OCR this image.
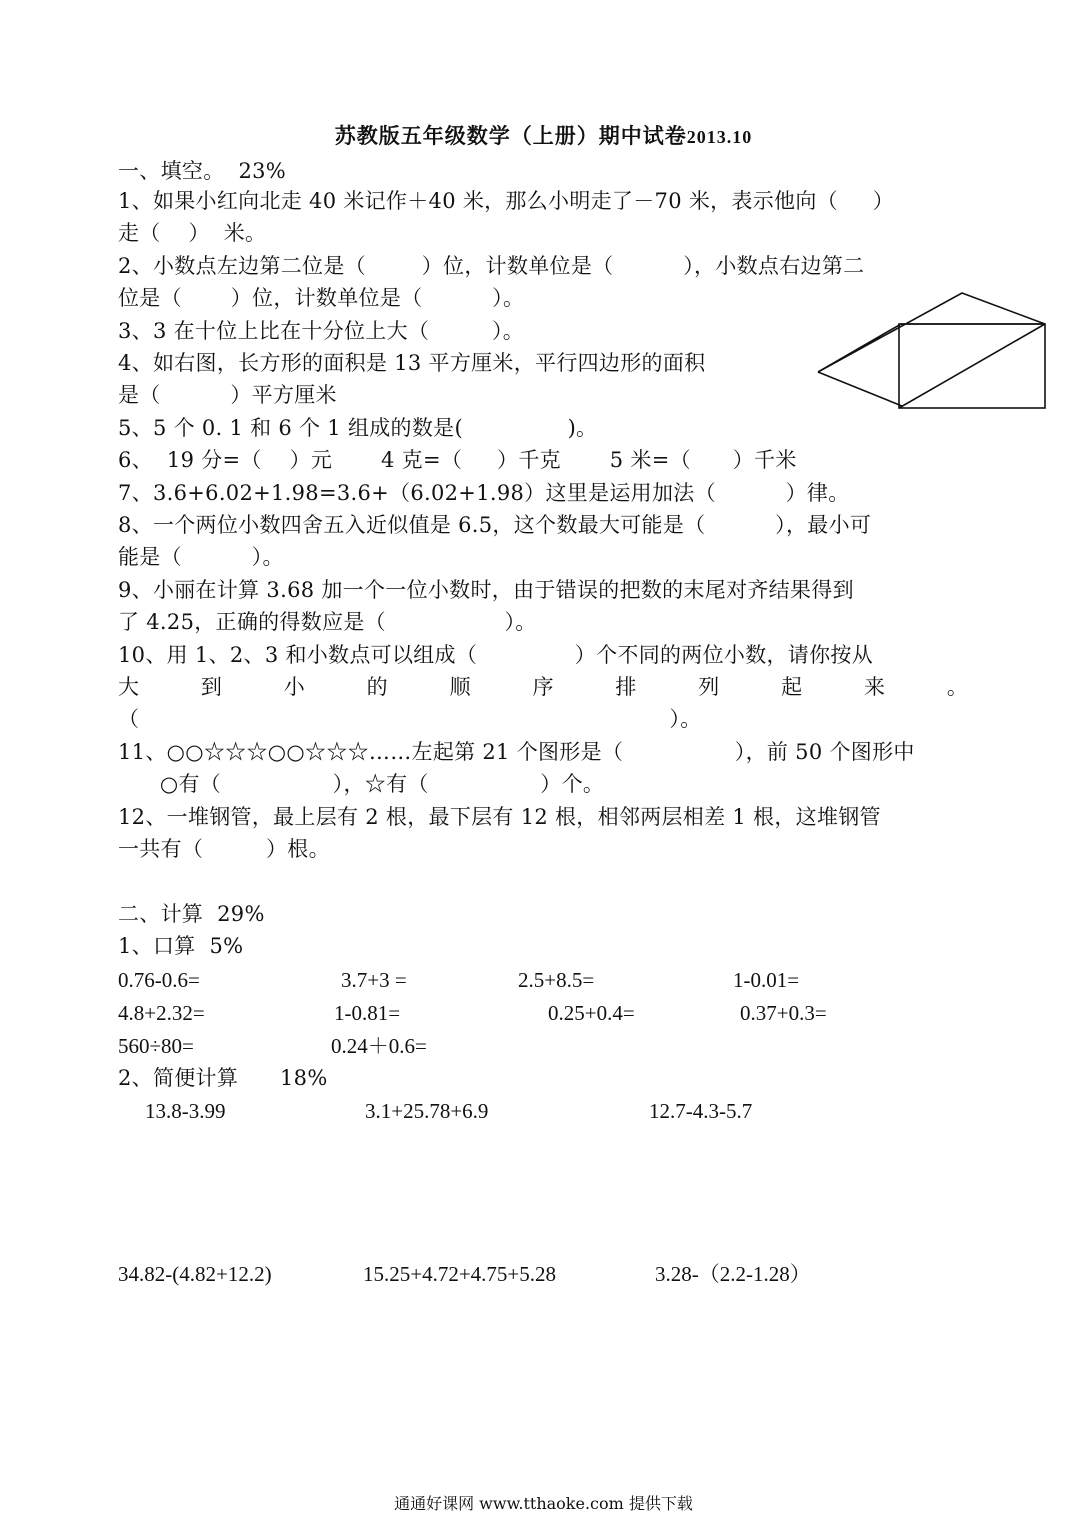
苏教版五年级数学（上册）期中试卷2013.10
一、填空。  23%
1、如果小红向北走 40 米记作＋40 米，那么小明走了－70 米，表示他向（     ）
走（    ）  米。
2、小数点左边第二位是（        ）位，计数单位是（          ），小数点右边第二
位是（       ）位，计数单位是（          ）。
3、3 在十位上比在十分位上大（         ）。
4、如右图，长方形的面积是 13 平方厘米，平行四边形的面积
是（          ）平方厘米
5、5 个 0. 1 和 6 个 1 组成的数是(               )。
6、  19 分=（    ）元       4 克=（     ）千克       5 米=（      ）千米
7、3.6+6.02+1.98=3.6+（6.02+1.98）这里是运用加法（          ）律。
8、一个两位小数四舍五入近似值是 6.5，这个数最大可能是（          ），最小可
能是（          ）。
9、小丽在计算 3.68 加一个一位小数时，由于错误的把数的末尾对齐结果得到
了 4.25，正确的得数应是（                 ）。
10、用 1、2、3 和小数点可以组成（              ）个不同的两位小数，请你按从
大	到	小	的	顺	序	排	列	起	来	。
（                                                                            ）。
11、○○☆☆☆○○☆☆☆……左起第 21 个图形是（                ），前 50 个图形中
○有（                ），☆有（                ）个。
12、一堆钢管，最上层有 2 根，最下层有 12 根，相邻两层相差 1 根，这堆钢管
一共有（         ）根。
二、计算  29%
1、口算  5%
0.76-0.6=	3.7+3 =	2.5+8.5=	1-0.01=
4.8+2.32=	1-0.81=	0.25+0.4=	0.37+0.3=
560÷80=	0.24＋0.6=
2、简便计算      18%
13.8-3.99	3.1+25.78+6.9	12.7-4.3-5.7
34.82-(4.82+12.2)	15.25+4.72+4.75+5.28	3.28-（2.2-1.28）
通通好课网 www.tthaoke.com 提供下载
